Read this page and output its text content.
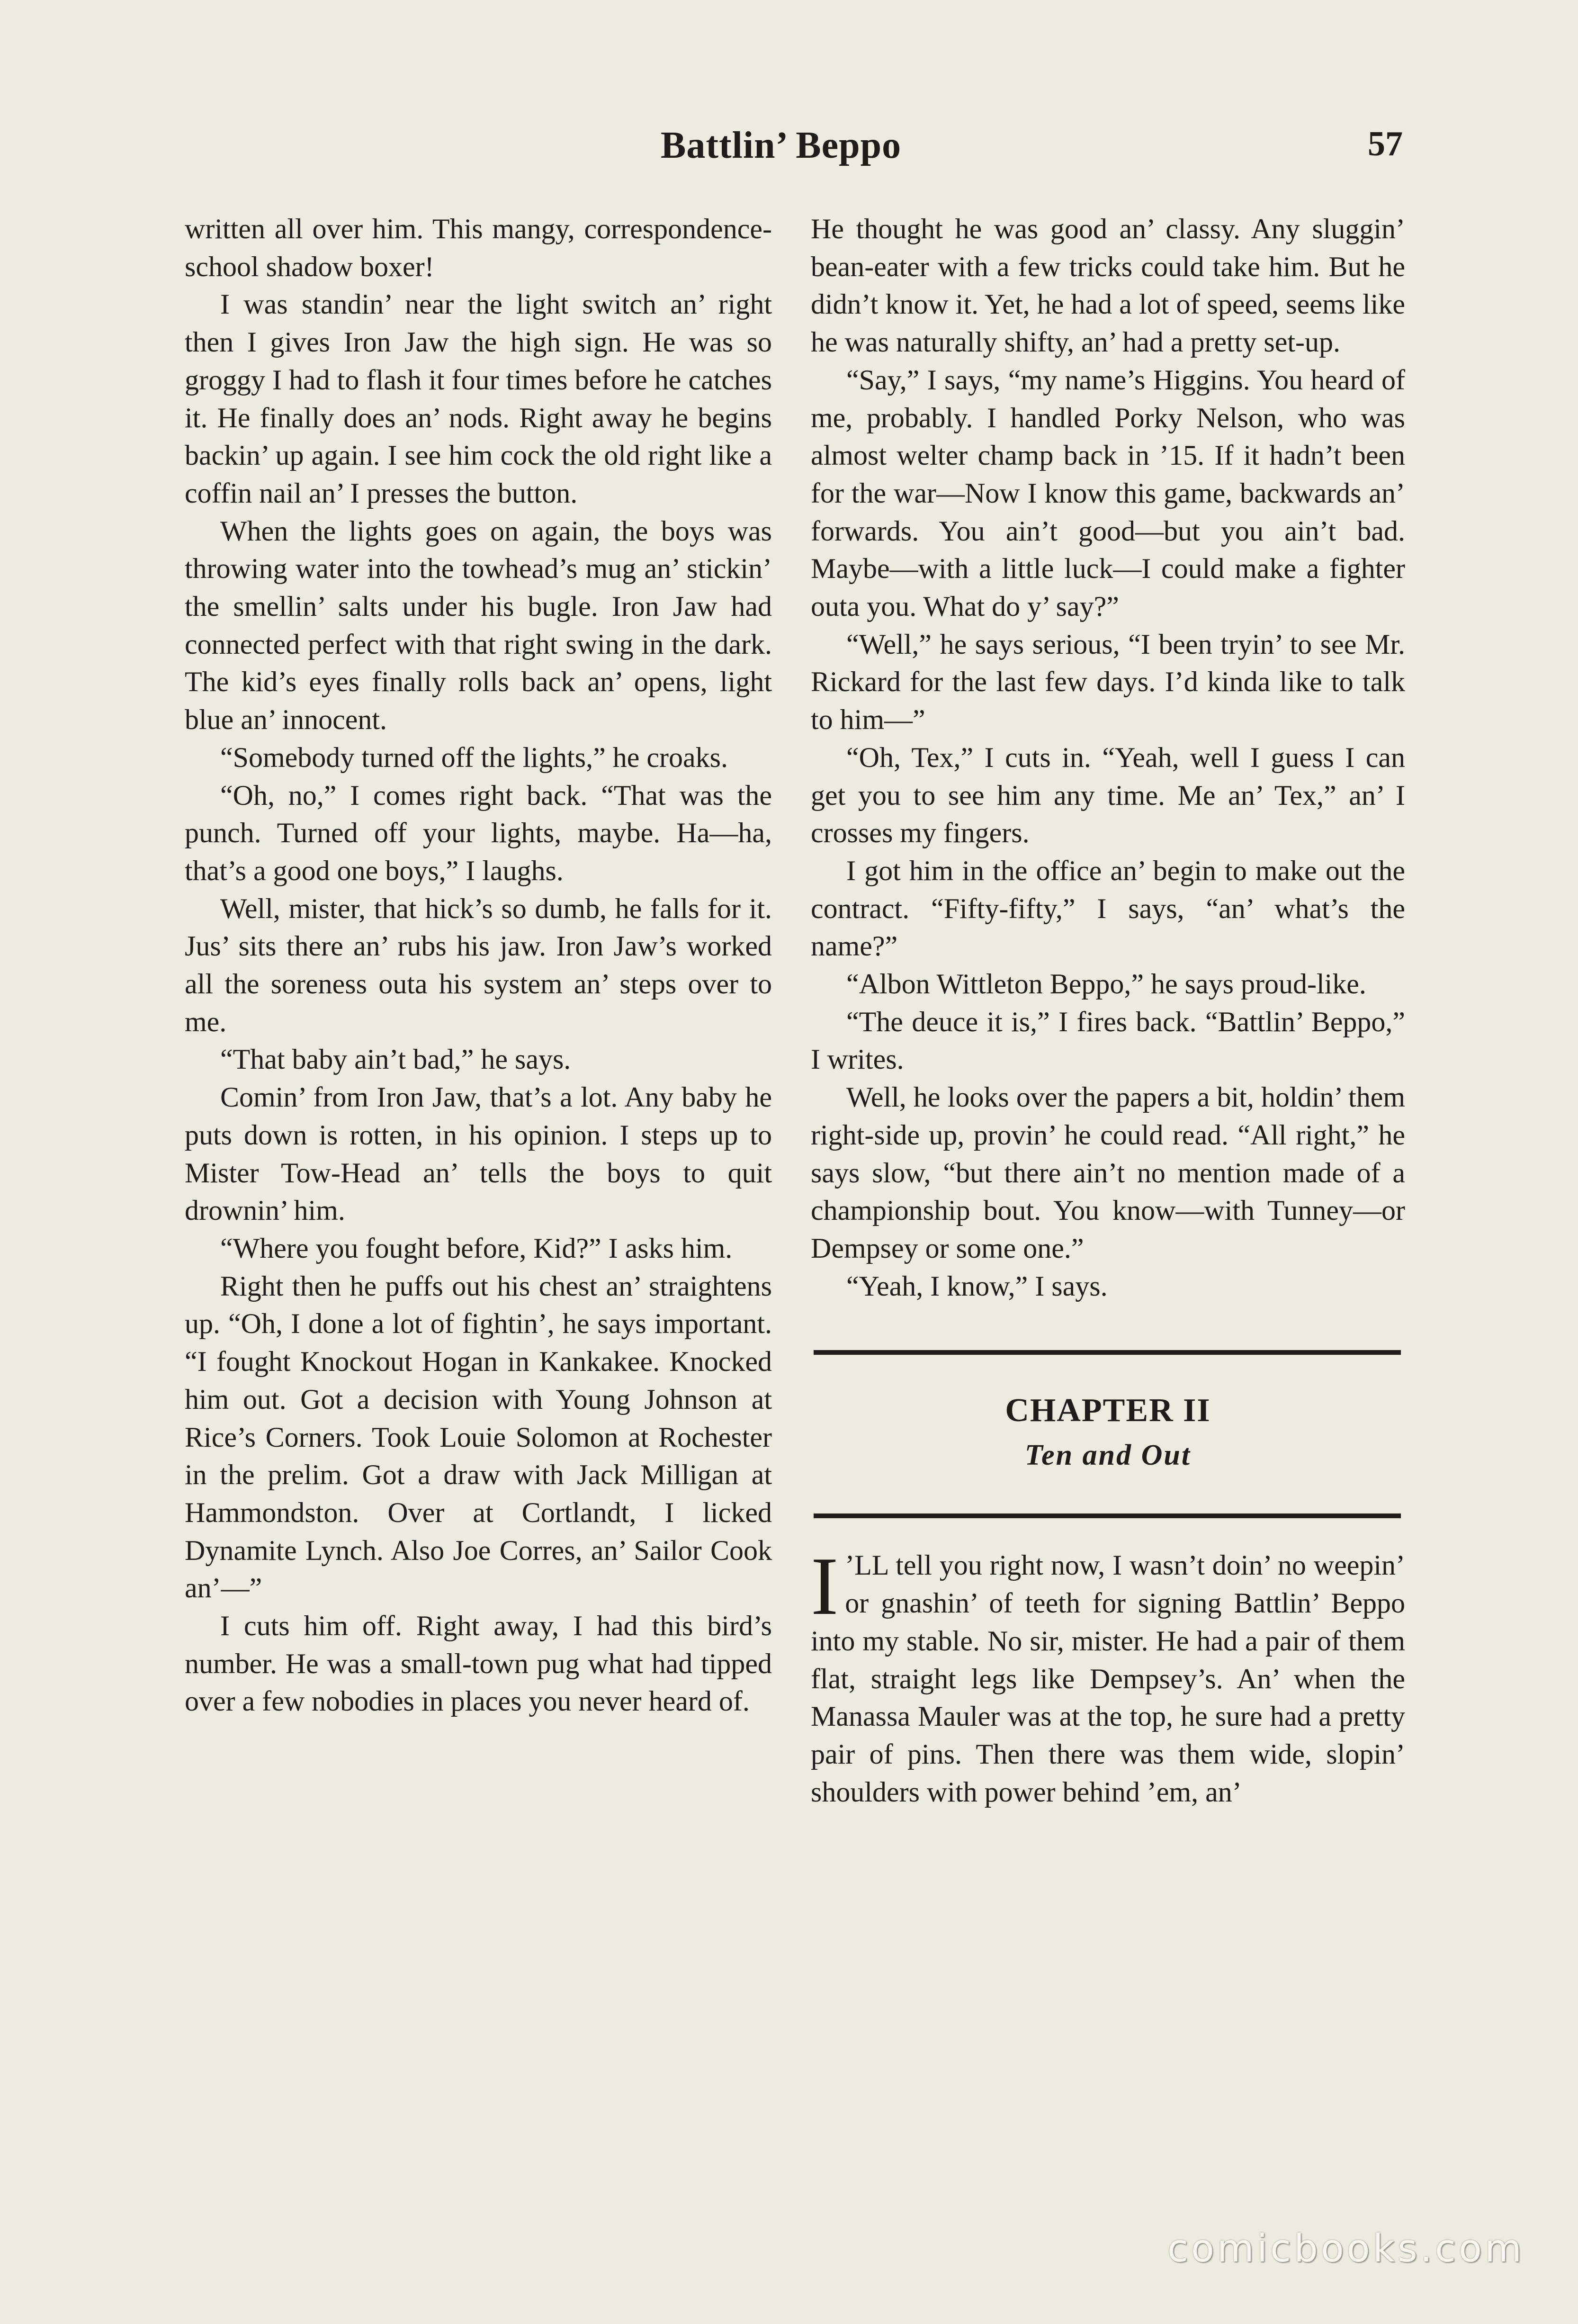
Battlin’ Beppo	57

written all over him. This mangy, correspondence-school shadow boxer!

I was standin’ near the light switch an’ right then I gives Iron Jaw the high sign. He was so groggy I had to flash it four times before he catches it. He finally does an’ nods. Right away he begins backin’ up again. I see him cock the old right like a coffin nail an’ I presses the button.

When the lights goes on again, the boys was throwing water into the towhead’s mug an’ stickin’ the smellin’ salts under his bugle. Iron Jaw had connected perfect with that right swing in the dark. The kid’s eyes finally rolls back an’ opens, light blue an’ innocent.

“Somebody turned off the lights,” he croaks.

“Oh, no,” I comes right back. “That was the punch. Turned off your lights, maybe. Ha—ha, that’s a good one boys,” I laughs.

Well, mister, that hick’s so dumb, he falls for it. Jus’ sits there an’ rubs his jaw. Iron Jaw’s worked all the soreness outa his system an’ steps over to me.

“That baby ain’t bad,” he says.

Comin’ from Iron Jaw, that’s a lot. Any baby he puts down is rotten, in his opinion. I steps up to Mister Tow-Head an’ tells the boys to quit drownin’ him.

“Where you fought before, Kid?” I asks him.

Right then he puffs out his chest an’ straightens up. “Oh, I done a lot of fightin’, he says important. “I fought Knockout Hogan in Kankakee. Knocked him out. Got a decision with Young Johnson at Rice’s Corners. Took Louie Solomon at Rochester in the prelim. Got a draw with Jack Milligan at Hammondston. Over at Cortlandt, I licked Dynamite Lynch. Also Joe Corres, an’ Sailor Cook an’—”

I cuts him off. Right away, I had this bird’s number. He was a small-town pug what had tipped over a few nobodies in places you never heard of.

He thought he was good an’ classy. Any sluggin’ bean-eater with a few tricks could take him. But he didn’t know it. Yet, he had a lot of speed, seems like he was naturally shifty, an’ had a pretty set-up.

“Say,” I says, “my name’s Higgins. You heard of me, probably. I handled Porky Nelson, who was almost welter champ back in ’15. If it hadn’t been for the war—Now I know this game, backwards an’ forwards. You ain’t good—but you ain’t bad. Maybe—with a little luck—I could make a fighter outa you. What do y’ say?”

“Well,” he says serious, “I been tryin’ to see Mr. Rickard for the last few days. I’d kinda like to talk to him—”

“Oh, Tex,” I cuts in. “Yeah, well I guess I can get you to see him any time. Me an’ Tex,” an’ I crosses my fingers.

I got him in the office an’ begin to make out the contract. “Fifty-fifty,” I says, “an’ what’s the name?”

“Albon Wittleton Beppo,” he says proud-like.

“The deuce it is,” I fires back. “Battlin’ Beppo,” I writes.

Well, he looks over the papers a bit, holdin’ them right-side up, provin’ he could read. “All right,” he says slow, “but there ain’t no mention made of a championship bout. You know—with Tunney—or Dempsey or some one.”

“Yeah, I know,” I says.

CHAPTER II
Ten and Out
I ’LL tell you right now, I wasn’t doin’ no weepin’ or gnashin’ of teeth for signing Battlin’ Beppo into my stable. No sir, mister. He had a pair of them flat, straight legs like Dempsey’s. An’ when the Manassa Mauler was at the top, he sure had a pretty pair of pins. Then there was them wide, slopin’ shoulders with power behind ’em, an’

comicbooks.com
